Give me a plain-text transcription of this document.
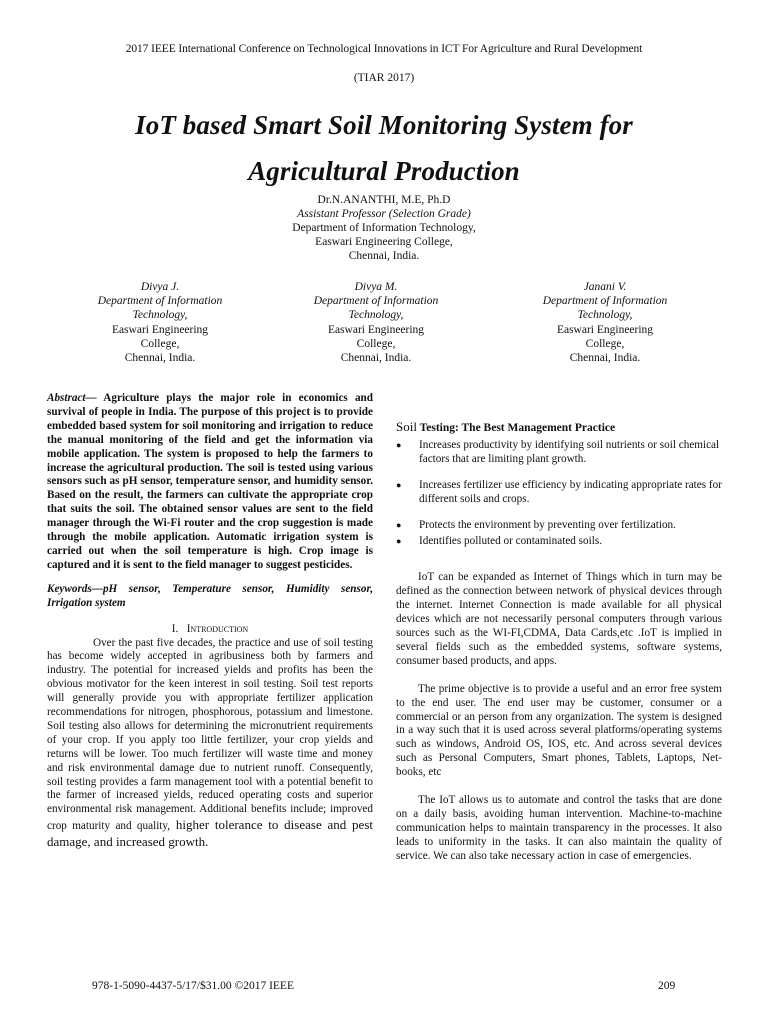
2017 IEEE International Conference on Technological Innovations in ICT For Agriculture and Rural Development
(TIAR 2017)
IoT based Smart Soil Monitoring System for
Agricultural Production
Dr.N.ANANTHI, M.E, Ph.D
Assistant Professor (Selection Grade)
Department of Information Technology,
Easwari Engineering College,
Chennai, India.
Divya J.
Department of Information
Technology,
Easwari Engineering
College,
Chennai, India.
Divya M.
Department of Information
Technology,
Easwari Engineering
College,
Chennai, India.
Janani V.
Department of Information
Technology,
Easwari Engineering
College,
Chennai, India.
Abstract— Agriculture plays the major role in economics and survival of people in India. The purpose of this project is to provide embedded based system for soil monitoring and irrigation to reduce the manual monitoring of the field and get the information via mobile application. The system is proposed to help the farmers to increase the agricultural production. The soil is tested using various sensors such as pH sensor, temperature sensor, and humidity sensor. Based on the result, the farmers can cultivate the appropriate crop that suits the soil. The obtained sensor values are sent to the field manager through the Wi-Fi router and the crop suggestion is made through the mobile application. Automatic irrigation system is carried out when the soil temperature is high. Crop image is captured and it is sent to the field manager to suggest pesticides.
Keywords—pH sensor, Temperature sensor, Humidity sensor, Irrigation system
I. Introduction
Over the past five decades, the practice and use of soil testing has become widely accepted in agribusiness both by farmers and industry. The potential for increased yields and profits has been the obvious motivator for the keen interest in soil testing. Soil test reports will generally provide you with appropriate fertilizer application recommendations for nitrogen, phosphorous, potassium and limestone. Soil testing also allows for determining the micronutrient requirements of your crop. If you apply too little fertilizer, your crop yields and returns will be lower. Too much fertilizer will waste time and money and risk environmental damage due to nutrient runoff. Consequently, soil testing provides a farm management tool with a potential benefit to the farmer of increased yields, reduced operating costs and superior environmental risk management. Additional benefits include; improved crop maturity and quality, higher tolerance to disease and pest damage, and increased growth.
Soil Testing: The Best Management Practice
● Increases productivity by identifying soil nutrients or soil chemical factors that are limiting plant growth.
● Increases fertilizer use efficiency by indicating appropriate rates for different soils and crops.
● Protects the environment by preventing over fertilization.
● Identifies polluted or contaminated soils.
IoT can be expanded as Internet of Things which in turn may be defined as the connection between network of physical devices through the internet. Internet Connection is made available for all physical devices which are not necessarily personal computers through various sources such as the WI-FI,CDMA, Data Cards,etc .IoT is implied in several fields such as the embedded systems, software systems, consumer based products, and apps.
The prime objective is to provide a useful and an error free system to the end user. The end user may be customer, consumer or a commercial or an person from any organization. The system is designed in a way such that it is used across several platforms/operating systems such as windows, Android OS, IOS, etc. And across several devices such as Personal Computers, Smart phones, Tablets, Laptops, Net-books, etc
The IoT allows us to automate and control the tasks that are done on a daily basis, avoiding human intervention. Machine-to-machine communication helps to maintain transparency in the processes. It also leads to uniformity in the tasks. It can also maintain the quality of service. We can also take necessary action in case of emergencies.
978-1-5090-4437-5/17/$31.00 ©2017 IEEE	209
